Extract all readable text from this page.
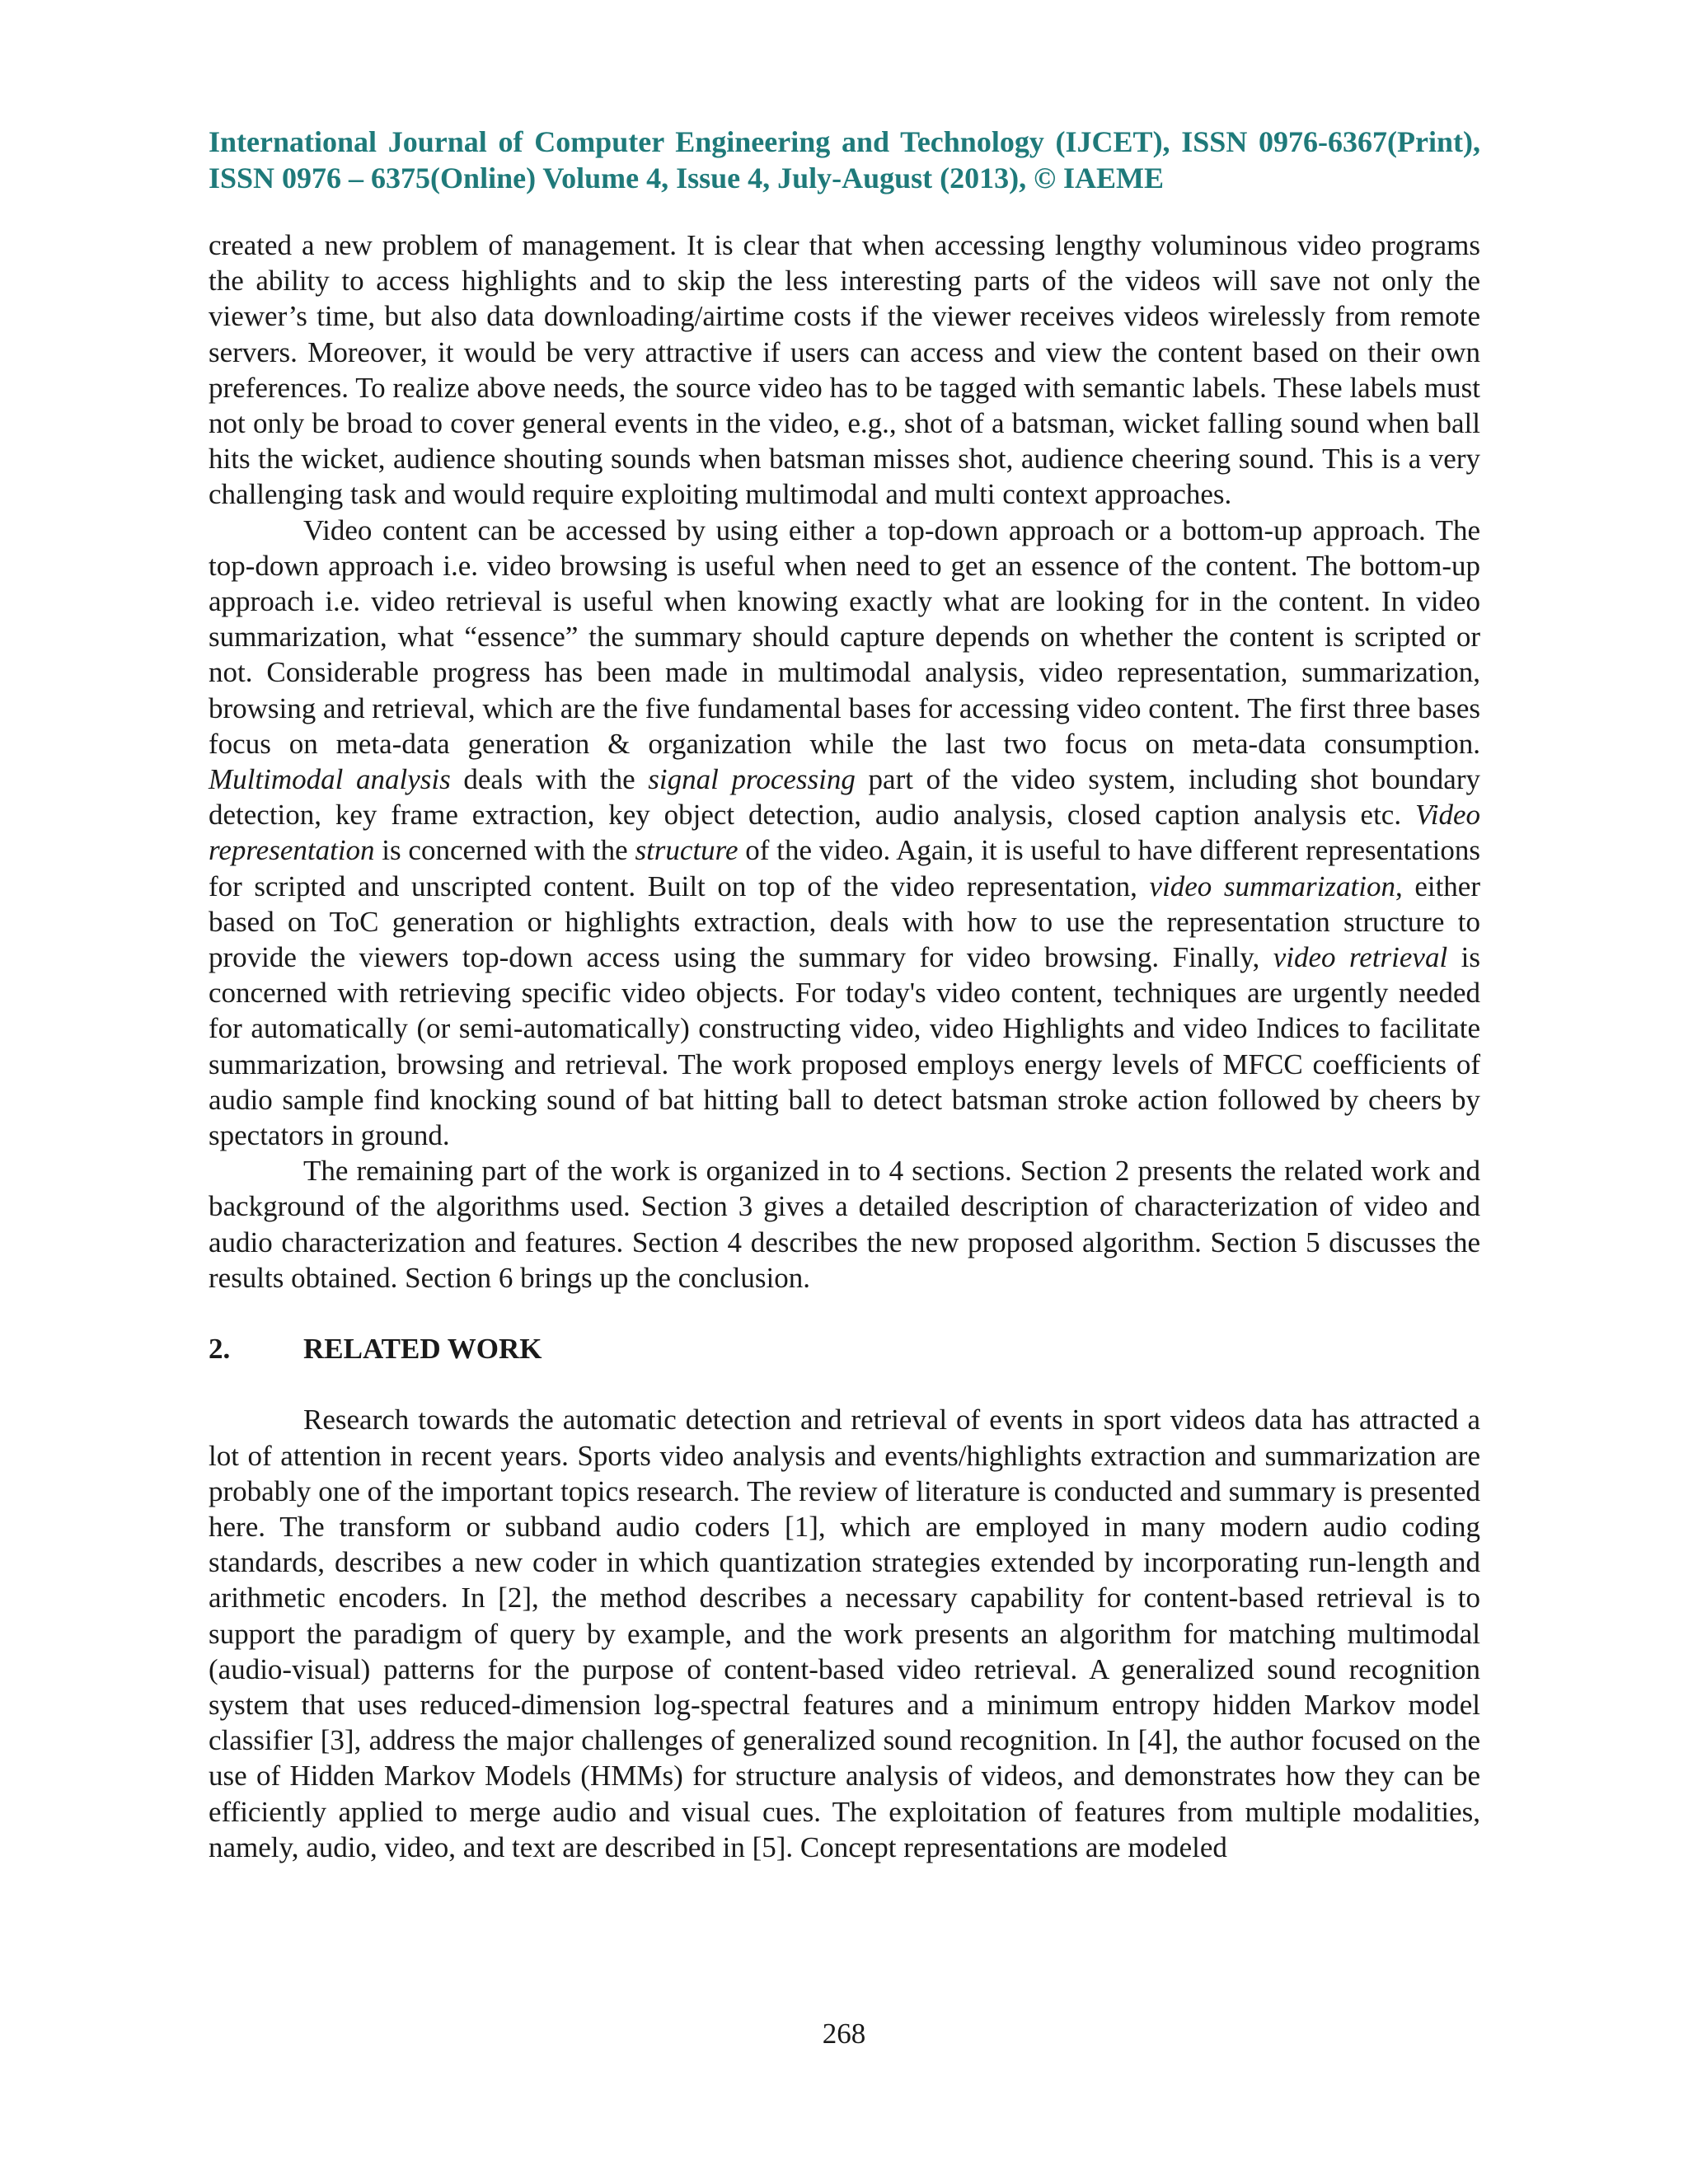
International Journal of Computer Engineering and Technology (IJCET), ISSN 0976-6367(Print), ISSN 0976 – 6375(Online) Volume 4, Issue 4, July-August (2013), © IAEME

created a new problem of management. It is clear that when accessing lengthy voluminous video programs the ability to access highlights and to skip the less interesting parts of the videos will save not only the viewer’s time, but also data downloading/airtime costs if the viewer receives videos wirelessly from remote servers. Moreover, it would be very attractive if users can access and view the content based on their own preferences. To realize above needs, the source video has to be tagged with semantic labels. These labels must not only be broad to cover general events in the video, e.g., shot of a batsman, wicket falling sound when ball hits the wicket, audience shouting sounds when batsman misses shot, audience cheering sound. This is a very challenging task and would require exploiting multimodal and multi context approaches.

Video content can be accessed by using either a top-down approach or a bottom-up approach. The top-down approach i.e. video browsing is useful when need to get an essence of the content. The bottom-up approach i.e. video retrieval is useful when knowing exactly what are looking for in the content. In video summarization, what “essence” the summary should capture depends on whether the content is scripted or not. Considerable progress has been made in multimodal analysis, video representation, summarization, browsing and retrieval, which are the five fundamental bases for accessing video content. The first three bases focus on meta-data generation & organization while the last two focus on meta-data consumption. Multimodal analysis deals with the signal processing part of the video system, including shot boundary detection, key frame extraction, key object detection, audio analysis, closed caption analysis etc. Video representation is concerned with the structure of the video. Again, it is useful to have different representations for scripted and unscripted content. Built on top of the video representation, video summarization, either based on ToC generation or highlights extraction, deals with how to use the representation structure to provide the viewers top-down access using the summary for video browsing. Finally, video retrieval is concerned with retrieving specific video objects. For today's video content, techniques are urgently needed for automatically (or semi-automatically) constructing video, video Highlights and video Indices to facilitate summarization, browsing and retrieval. The work proposed employs energy levels of MFCC coefficients of audio sample find knocking sound of bat hitting ball to detect batsman stroke action followed by cheers by spectators in ground.

The remaining part of the work is organized in to 4 sections. Section 2 presents the related work and background of the algorithms used. Section 3 gives a detailed description of characterization of video and audio characterization and features. Section 4 describes the new proposed algorithm. Section 5 discusses the results obtained. Section 6 brings up the conclusion.

2.	RELATED WORK

Research towards the automatic detection and retrieval of events in sport videos data has attracted a lot of attention in recent years. Sports video analysis and events/highlights extraction and summarization are probably one of the important topics research. The review of literature is conducted and summary is presented here. The transform or subband audio coders [1], which are employed in many modern audio coding standards, describes a new coder in which quantization strategies extended by incorporating run-length and arithmetic encoders. In [2], the method describes a necessary capability for content-based retrieval is to support the paradigm of query by example, and the work presents an algorithm for matching multimodal (audio-visual) patterns for the purpose of content-based video retrieval. A generalized sound recognition system that uses reduced-dimension log-spectral features and a minimum entropy hidden Markov model classifier [3], address the major challenges of generalized sound recognition. In [4], the author focused on the use of Hidden Markov Models (HMMs) for structure analysis of videos, and demonstrates how they can be efficiently applied to merge audio and visual cues. The exploitation of features from multiple modalities, namely, audio, video, and text are described in [5]. Concept representations are modeled

268
